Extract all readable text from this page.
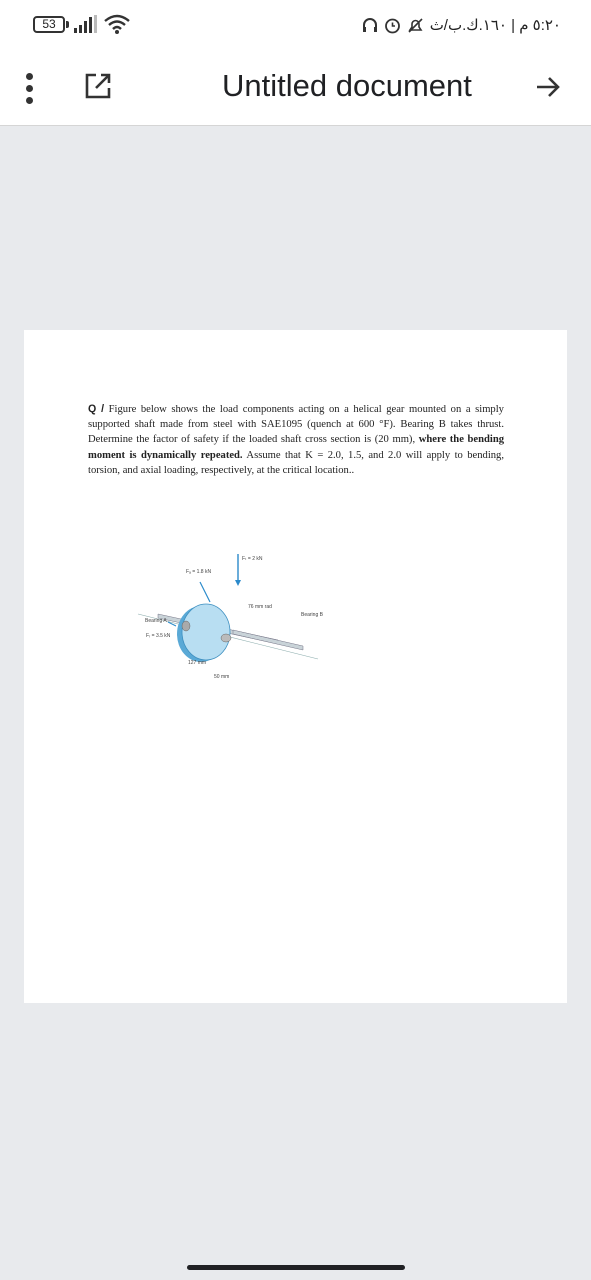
53	٥:٢٠ م | ١٦٠.ك.ب/ث
Untitled document
Q / Figure below shows the load components acting on a helical gear mounted on a simply supported shaft made from steel with SAE1095 (quench at 600 °F). Bearing B takes thrust. Determine the factor of safety if the loaded shaft cross section is (20 mm), where the bending moment is dynamically repeated. Assume that K = 2.0, 1.5, and 2.0 will apply to bending, torsion, and axial loading, respectively, at the critical location..
Fₜ = 2 kN
Fₐ = 1.8 kN
76 mm rad
Bearing A
Bearing B
Fᵣ = 3.5 kN
127 mm
50 mm
